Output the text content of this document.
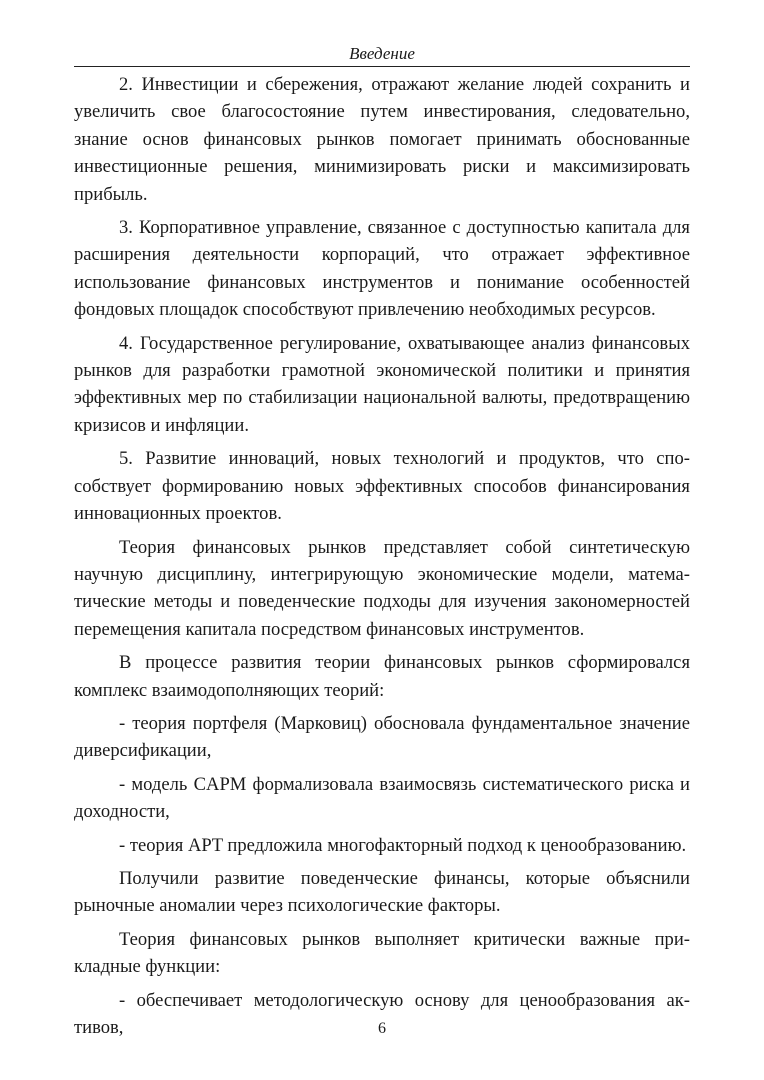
Введение

2. Инвестиции и сбережения, отражают желание людей сохранить и увеличить свое благосостояние путем инвестирования, следовательно, знание основ финансовых рынков помогает принимать обоснованные инвестиционные решения, минимизировать риски и максимизировать прибыль.

3. Корпоративное управление, связанное с доступностью капитала для расширения деятельности корпораций, что отражает эффективное использование финансовых инструментов и понимание особенностей фондовых площадок способствуют привлечению необходимых ресурсов.

4. Государственное регулирование, охватывающее анализ финансовых рынков для разработки грамотной экономической политики и принятия эффективных мер по стабилизации национальной валюты, предотвращению кризисов и инфляции.

5. Развитие инноваций, новых технологий и продуктов, что способствует формированию новых эффективных способов финансирования инновационных проектов.

Теория финансовых рынков представляет собой синтетическую научную дисциплину, интегрирующую экономические модели, математические методы и поведенческие подходы для изучения закономерностей перемещения капитала посредством финансовых инструментов.

В процессе развития теории финансовых рынков сформировался комплекс взаимодополняющих теорий:

- теория портфеля (Марковиц) обосновала фундаментальное значение диверсификации,

- модель CAPM формализовала взаимосвязь систематического риска и доходности,

- теория APT предложила многофакторный подход к ценообразованию.

Получили развитие поведенческие финансы, которые объяснили рыночные аномалии через психологические факторы.

Теория финансовых рынков выполняет критически важные прикладные функции:

- обеспечивает методологическую основу для ценообразования активов,	6
